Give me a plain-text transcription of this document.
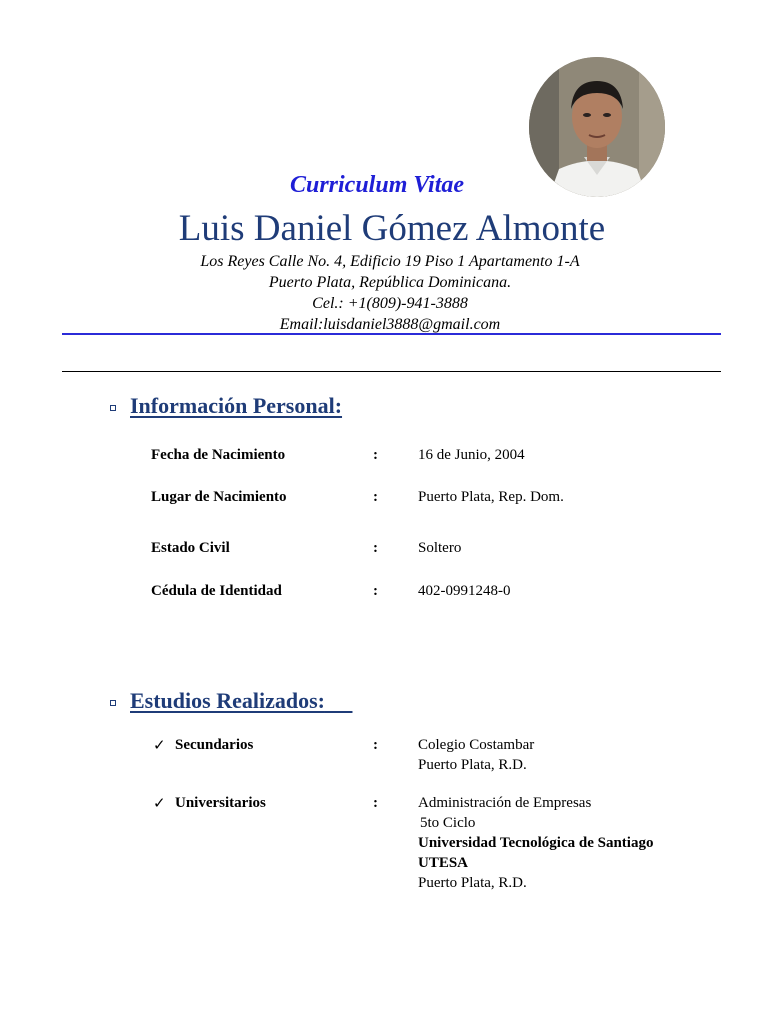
Curriculum Vitae
Luis Daniel Gómez Almonte
Los Reyes Calle No. 4, Edificio 19 Piso 1 Apartamento 1-A
Puerto Plata, República Dominicana.
Cel.: +1(809)-941-3888
Email:luisdaniel3888@gmail.com
Información Personal:
Fecha de Nacimiento	:	16 de Junio, 2004
Lugar de Nacimiento	:	Puerto Plata, Rep. Dom.
Estado Civil	:	Soltero
Cédula de Identidad	:	402-0991248-0
Estudios Realizados:
✓ Secundarios	:	Colegio Costambar
Puerto Plata, R.D.
✓ Universitarios	:	Administración de Empresas
5to Ciclo
Universidad Tecnológica de Santiago
UTESA
Puerto Plata, R.D.
